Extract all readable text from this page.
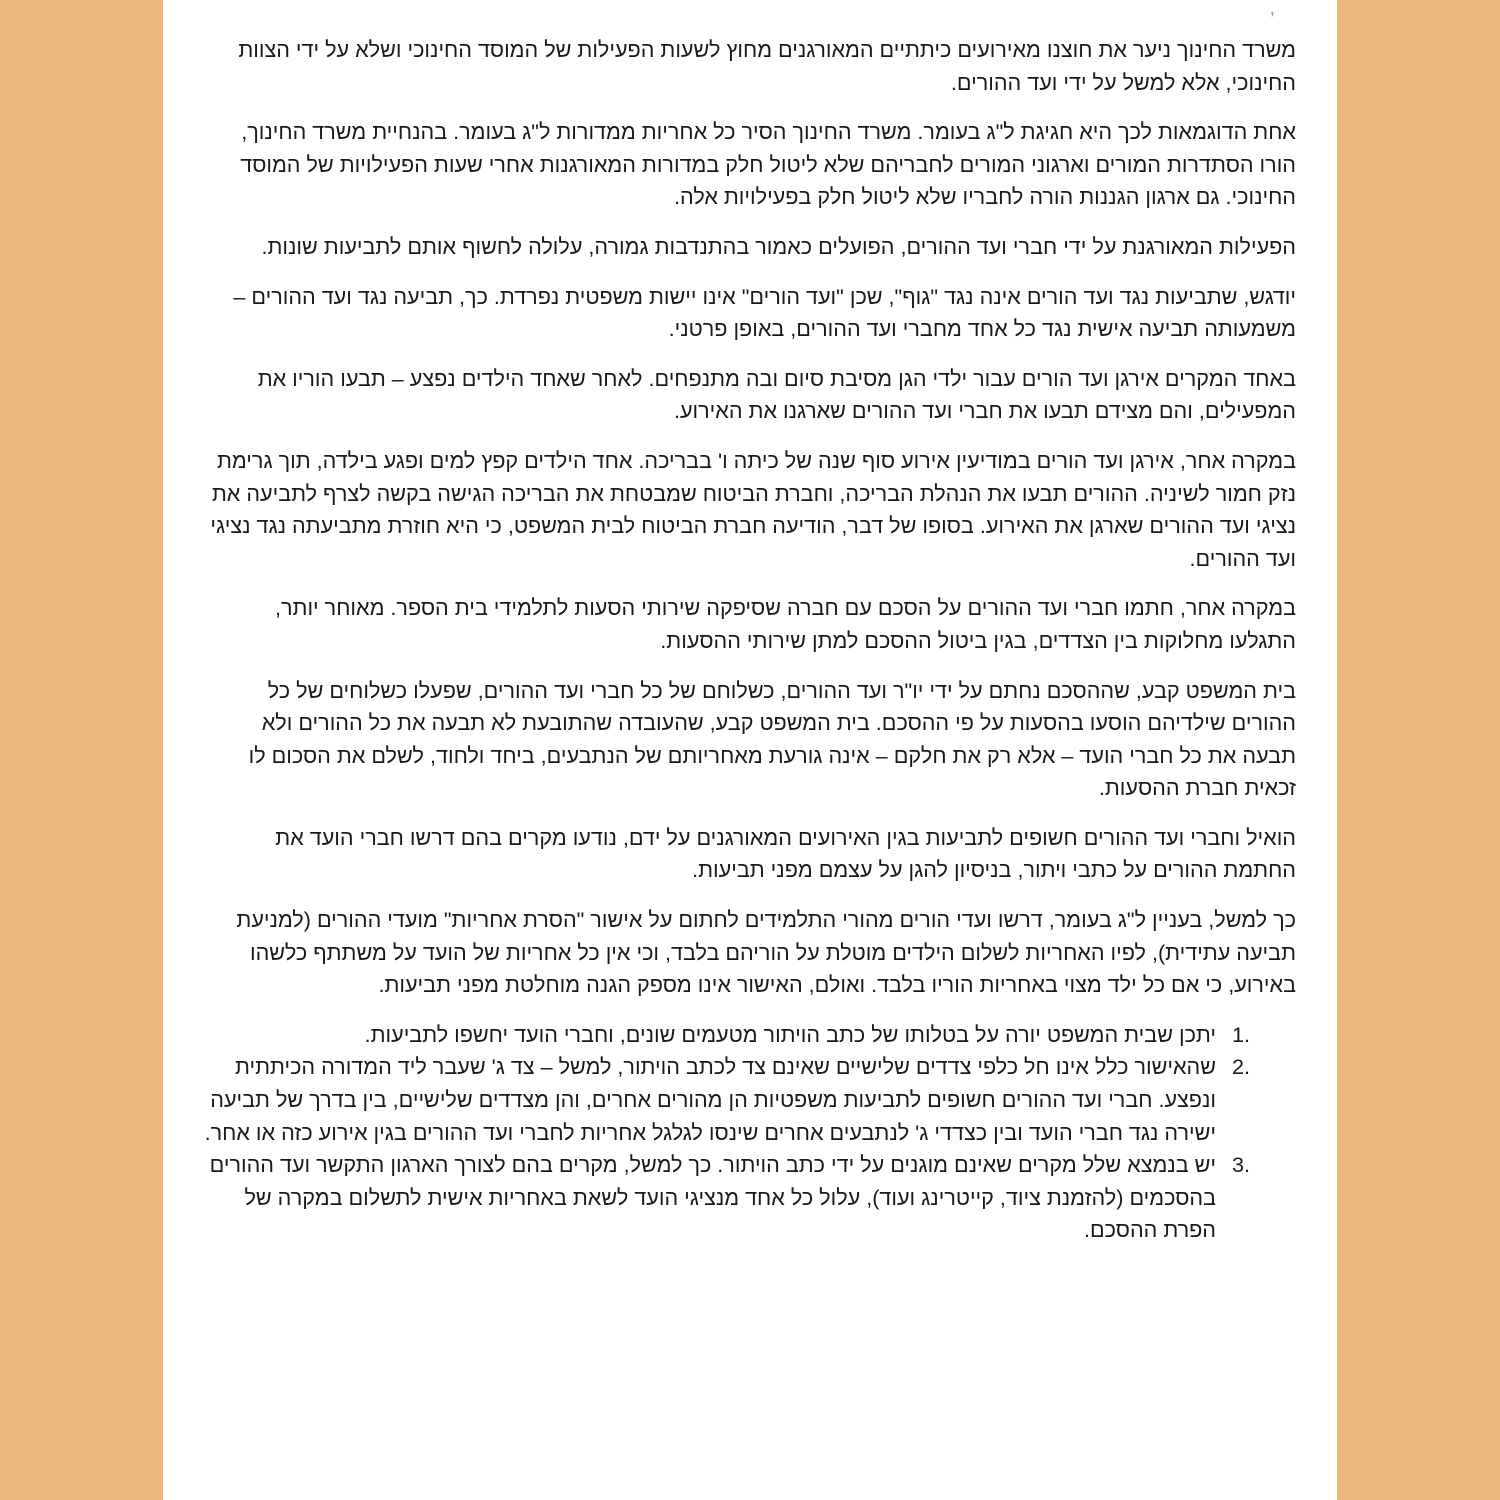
,

משרד החינוך ניער את חוצנו מאירועים כיתתיים המאורגנים מחוץ לשעות הפעילות של המוסד החינוכי ושלא על ידי הצוות החינוכי, אלא למשל על ידי ועד ההורים.

אחת הדוגמאות לכך היא חגיגת ל"ג בעומר. משרד החינוך הסיר כל אחריות ממדורות ל"ג בעומר. בהנחיית משרד החינוך, הורו הסתדרות המורים וארגוני המורים לחבריהם שלא ליטול חלק במדורות המאורגנות אחרי שעות הפעילויות של המוסד החינוכי. גם ארגון הגננות הורה לחבריו שלא ליטול חלק בפעילויות אלה.

הפעילות המאורגנת על ידי חברי ועד ההורים, הפועלים כאמור בהתנדבות גמורה, עלולה לחשוף אותם לתביעות שונות.

יודגש, שתביעות נגד ועד הורים אינה נגד "גוף", שכן "ועד הורים" אינו יישות משפטית נפרדת. כך, תביעה נגד ועד ההורים – משמעותה תביעה אישית נגד כל אחד מחברי ועד ההורים, באופן פרטני.

באחד המקרים אירגן ועד הורים עבור ילדי הגן מסיבת סיום ובה מתנפחים. לאחר שאחד הילדים נפצע – תבעו הוריו את המפעילים, והם מצידם תבעו את חברי ועד ההורים שארגנו את האירוע.

במקרה אחר, אירגן ועד הורים במודיעין אירוע סוף שנה של כיתה ו' בבריכה. אחד הילדים קפץ למים ופגע בילדה, תוך גרימת נזק חמור לשיניה. ההורים תבעו את הנהלת הבריכה, וחברת הביטוח שמבטחת את הבריכה הגישה בקשה לצרף לתביעה את נציגי ועד ההורים שארגן את האירוע. בסופו של דבר, הודיעה חברת הביטוח לבית המשפט, כי היא חוזרת מתביעתה נגד נציגי ועד ההורים.

במקרה אחר, חתמו חברי ועד ההורים על הסכם עם חברה שסיפקה שירותי הסעות לתלמידי בית הספר. מאוחר יותר, התגלעו מחלוקות בין הצדדים, בגין ביטול ההסכם למתן שירותי ההסעות.

בית המשפט קבע, שההסכם נחתם על ידי יו"ר ועד ההורים, כשלוחם של כל חברי ועד ההורים, שפעלו כשלוחים של כל ההורים שילדיהם הוסעו בהסעות על פי ההסכם. בית המשפט קבע, שהעובדה שהתובעת לא תבעה את כל ההורים ולא תבעה את כל חברי הועד – אלא רק את חלקם – אינה גורעת מאחריותם של הנתבעים, ביחד ולחוד, לשלם את הסכום לו זכאית חברת ההסעות.

הואיל וחברי ועד ההורים חשופים לתביעות בגין האירועים המאורגנים על ידם, נודעו מקרים בהם דרשו חברי הועד את החתמת ההורים על כתבי ויתור, בניסיון להגן על עצמם מפני תביעות.

כך למשל, בעניין ל"ג בעומר, דרשו ועדי הורים מהורי התלמידים לחתום על אישור "הסרת אחריות" מועדי ההורים (למניעת תביעה עתידית), לפיו האחריות לשלום הילדים מוטלת על הוריהם בלבד, וכי אין כל אחריות של הועד על משתתף כלשהו באירוע, כי אם כל ילד מצוי באחריות הוריו בלבד. ואולם, האישור אינו מספק הגנה מוחלטת מפני תביעות.

1.
יתכן שבית המשפט יורה על בטלותו של כתב הויתור מטעמים שונים, וחברי הועד יחשפו לתביעות.
2.
שהאישור כלל אינו חל כלפי צדדים שלישיים שאינם צד לכתב הויתור, למשל – צד ג' שעבר ליד המדורה הכיתתית ונפצע. חברי ועד ההורים חשופים לתביעות משפטיות הן מהורים אחרים, והן מצדדים שלישיים, בין בדרך של תביעה ישירה נגד חברי הועד ובין כצדדי ג' לנתבעים אחרים שינסו לגלגל אחריות לחברי ועד ההורים בגין אירוע כזה או אחר.
3.
יש בנמצא שלל מקרים שאינם מוגנים על ידי כתב הויתור. כך למשל, מקרים בהם לצורך הארגון התקשר ועד ההורים בהסכמים (להזמנת ציוד, קייטרינג ועוד), עלול כל אחד מנציגי הועד לשאת באחריות אישית לתשלום במקרה של הפרת ההסכם.
